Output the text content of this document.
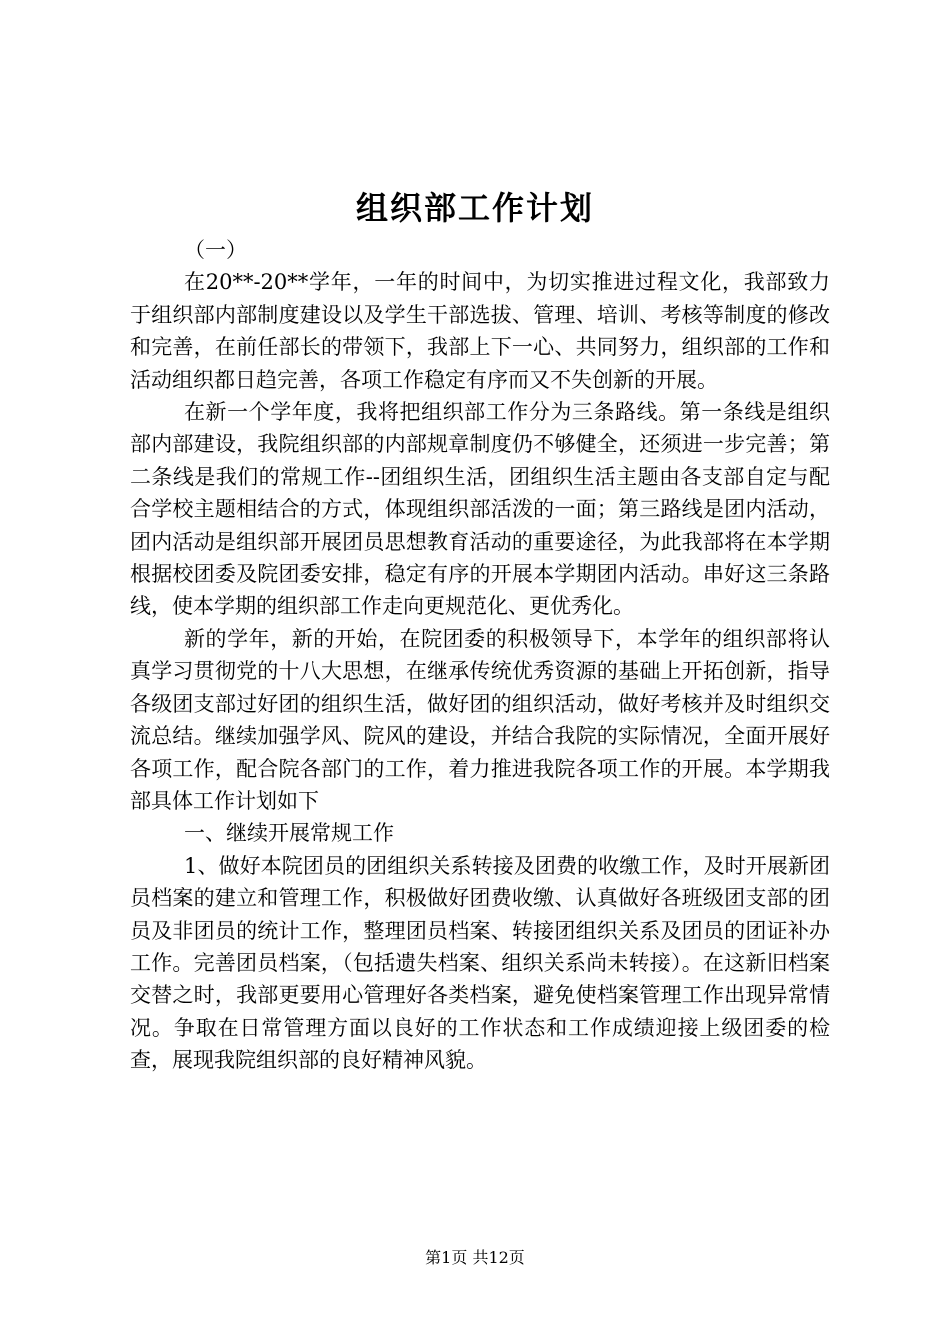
组织部工作计划

（一）

在20**-20**学年，一年的时间中，为切实推进过程文化，我部致力于组织部内部制度建设以及学生干部选拔、管理、培训、考核等制度的修改和完善，在前任部长的带领下，我部上下一心、共同努力，组织部的工作和活动组织都日趋完善，各项工作稳定有序而又不失创新的开展。

在新一个学年度，我将把组织部工作分为三条路线。第一条线是组织部内部建设，我院组织部的内部规章制度仍不够健全，还须进一步完善；第二条线是我们的常规工作--团组织生活，团组织生活主题由各支部自定与配合学校主题相结合的方式，体现组织部活泼的一面；第三路线是团内活动，团内活动是组织部开展团员思想教育活动的重要途径，为此我部将在本学期根据校团委及院团委安排，稳定有序的开展本学期团内活动。串好这三条路线，使本学期的组织部工作走向更规范化、更优秀化。

新的学年，新的开始，在院团委的积极领导下，本学年的组织部将认真学习贯彻党的十八大思想，在继承传统优秀资源的基础上开拓创新，指导各级团支部过好团的组织生活，做好团的组织活动，做好考核并及时组织交流总结。继续加强学风、院风的建设，并结合我院的实际情况，全面开展好各项工作，配合院各部门的工作，着力推进我院各项工作的开展。本学期我部具体工作计划如下

一、继续开展常规工作

1、做好本院团员的团组织关系转接及团费的收缴工作，及时开展新团员档案的建立和管理工作，积极做好团费收缴、认真做好各班级团支部的团员及非团员的统计工作，整理团员档案、转接团组织关系及团员的团证补办工作。完善团员档案，（包括遗失档案、组织关系尚未转接）。在这新旧档案交替之时，我部更要用心管理好各类档案，避免使档案管理工作出现异常情况。争取在日常管理方面以良好的工作状态和工作成绩迎接上级团委的检查，展现我院组织部的良好精神风貌。

第1页 共12页
